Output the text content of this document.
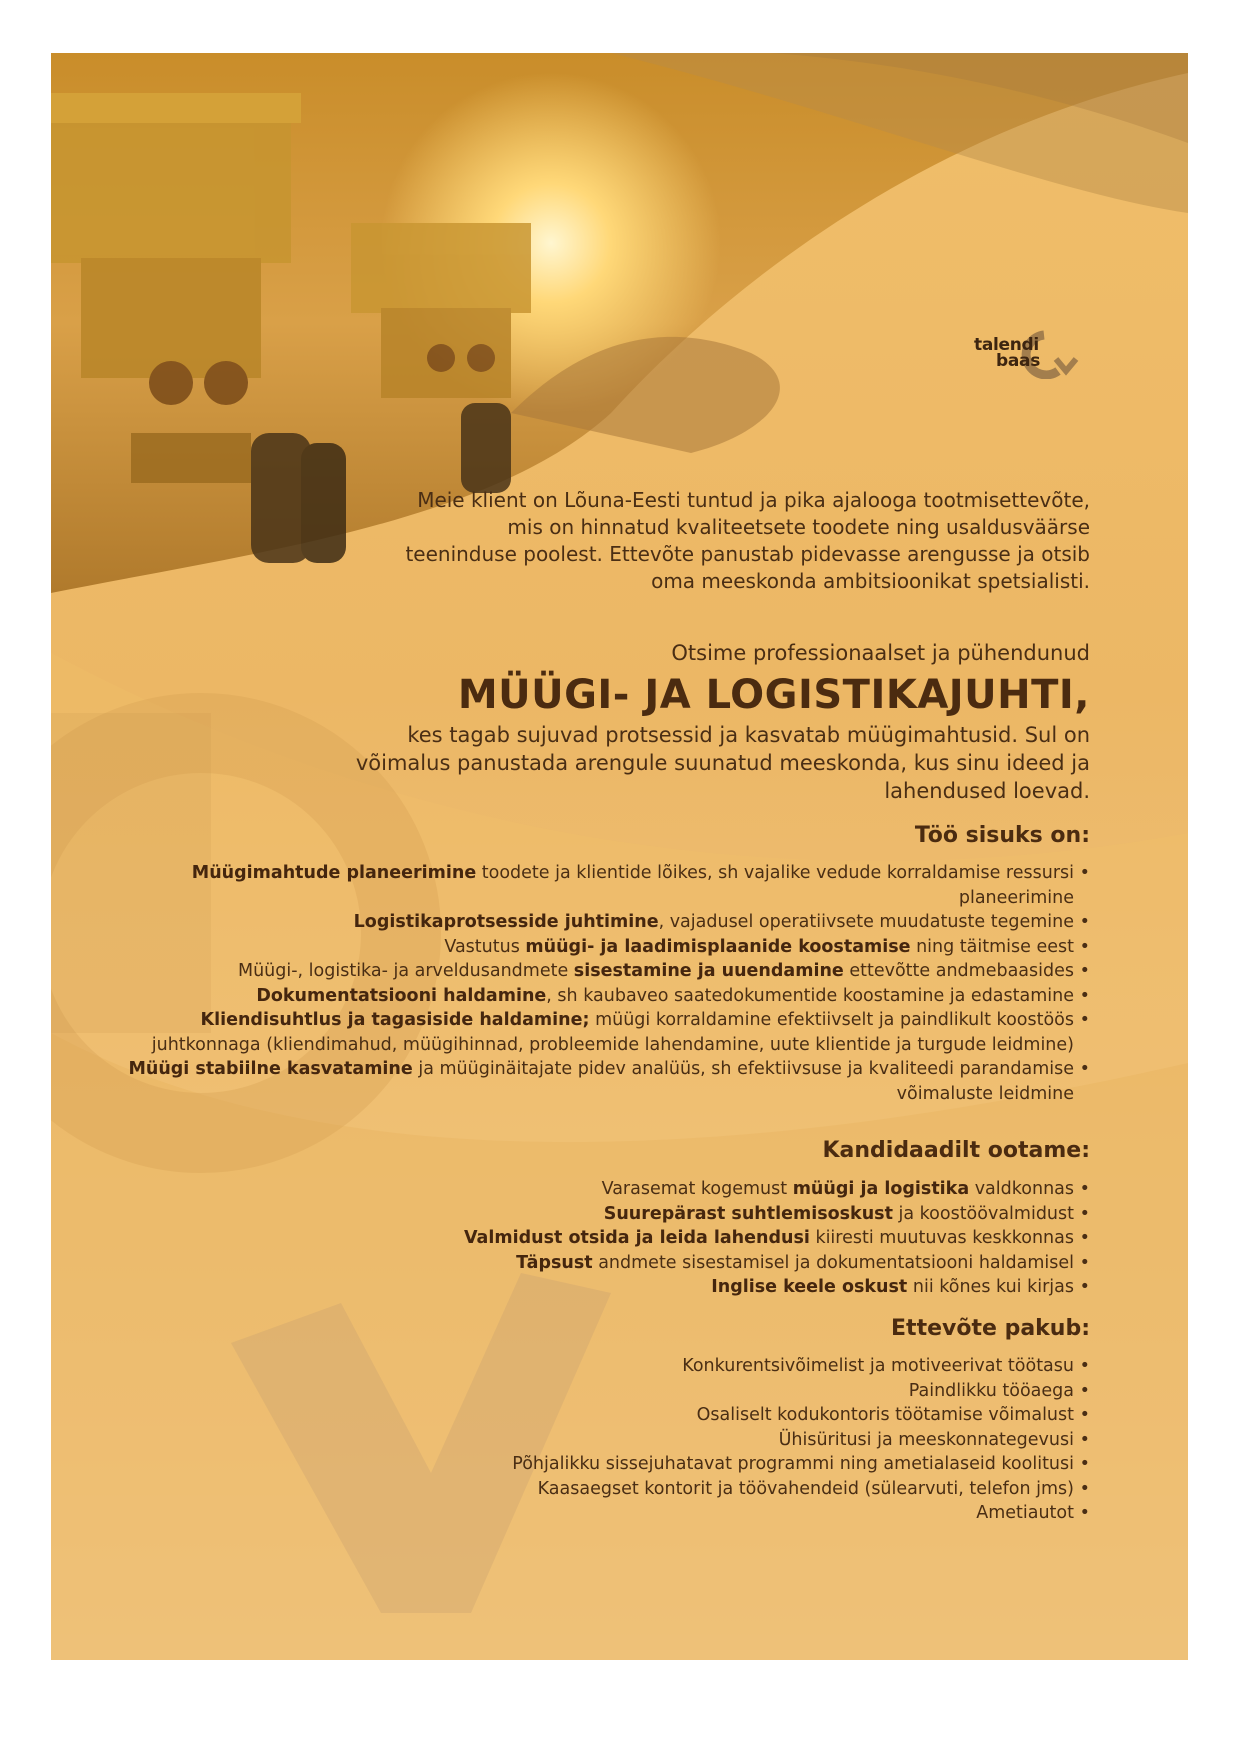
talendi
baas
Meie klient on Lõuna-Eesti tuntud ja pika ajalooga tootmisettevõte, mis on hinnatud kvaliteetsete toodete ning usaldusväärse teeninduse poolest. Ettevõte panustab pidevasse arengusse ja otsib oma meeskonda ambitsioonikat spetsialisti.
Otsime professionaalset ja pühendunud
MÜÜGI- JA LOGISTIKAJUHTI,
kes tagab sujuvad protsessid ja kasvatab müügimahtusid. Sul on võimalus panustada arengule suunatud meeskonda, kus sinu ideed ja lahendused loevad.
Töö sisuks on:
Müügimahtude planeerimine toodete ja klientide lõikes, sh vajalike vedude korraldamise ressursi planeerimine •
Logistikaprotsesside juhtimine, vajadusel operatiivsete muudatuste tegemine •
Vastutus müügi- ja laadimisplaanide koostamise ning täitmise eest •
Müügi-, logistika- ja arveldusandmete sisestamine ja uuendamine ettevõtte andmebaasides •
Dokumentatsiooni haldamine, sh kaubaveo saatedokumentide koostamine ja edastamine •
Kliendisuhtlus ja tagasiside haldamine; müügi korraldamine efektiivselt ja paindlikult koostöös juhtkonnaga (kliendimahud, müügihinnad, probleemide lahendamine, uute klientide ja turgude leidmine) •
Müügi stabiilne kasvatamine ja müüginäitajate pidev analüüs, sh efektiivsuse ja kvaliteedi parandamise võimaluste leidmine •
Kandidaadilt ootame:
Varasemat kogemust müügi ja logistika valdkonnas •
Suurepärast suhtlemisoskust ja koostöövalmidust •
Valmidust otsida ja leida lahendusi kiiresti muutuvas keskkonnas •
Täpsust andmete sisestamisel ja dokumentatsiooni haldamisel •
Inglise keele oskust nii kõnes kui kirjas •
Ettevõte pakub:
Konkurentsivõimelist ja motiveerivat töötasu •
Paindlikku tööaega •
Osaliselt kodukontoris töötamise võimalust •
Ühisüritusi ja meeskonnategevusi •
Põhjalikku sissejuhatavat programmi ning ametialaseid koolitusi •
Kaasaegset kontorit ja töövahendeid (sülearvuti, telefon jms) •
Ametiautot •
